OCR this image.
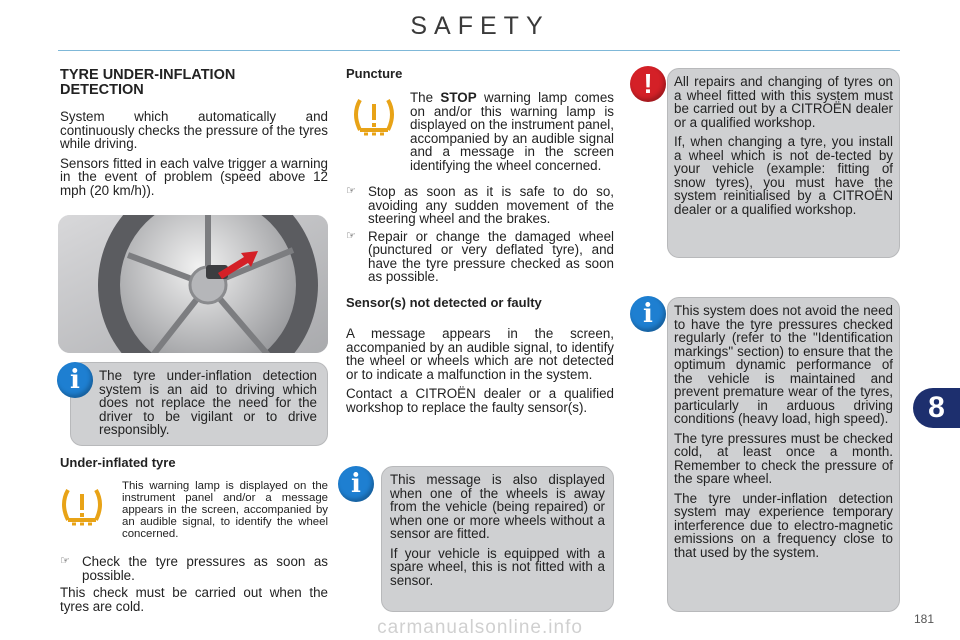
SAFETY
TYRE UNDER-INFLATION
DETECTION

System which automatically and continuously checks the pressure of the tyres while driving.

Sensors fitted in each valve trigger a warning in the event of problem (speed above 12 mph (20 km/h)).

The tyre under-inflation detection system is an aid to driving which does not replace the need for the driver to be vigilant or to drive responsibly.

i
Under-inflated tyre

This warning lamp is displayed on the instrument panel and/or a message appears in the screen, accompanied by an audible signal, to identify the wheel concerned.

☞ Check the tyre pressures as soon as possible.

This check must be carried out when the tyres are cold.

Puncture

The STOP warning lamp comes on and/or this warning lamp is displayed on the instrument panel, accompanied by an audible signal and a message in the screen identifying the wheel concerned.

☞ Stop as soon as it is safe to do so, avoiding any sudden movement of the steering wheel and the brakes.

☞ Repair or change the damaged wheel (punctured or very deflated tyre), and have the tyre pressure checked as soon as possible.

Sensor(s) not detected or faulty

A message appears in the screen, accompanied by an audible signal, to identify the wheel or wheels which are not detected or to indicate a malfunction in the system.

Contact a CITROËN dealer or a qualified workshop to replace the faulty sensor(s).

This message is also displayed when one of the wheels is away from the vehicle (being repaired) or when one or more wheels without a sensor are fitted.

If your vehicle is equipped with a spare wheel, this is not fitted with a sensor.

i

All repairs and changing of tyres on a wheel fitted with this system must be carried out by a CITROËN dealer or a qualified workshop.

If, when changing a tyre, you install a wheel which is not de-tected by your vehicle (example: fitting of snow tyres), you must have the system reinitialised by a CITROËN dealer or a qualified workshop.

!

This system does not avoid the need to have the tyre pressures checked regularly (refer to the "Identification markings" section) to ensure that the optimum dynamic performance of the vehicle is maintained and prevent premature wear of the tyres, particularly in arduous driving conditions (heavy load, high speed).

The tyre pressures must be checked cold, at least once a month. Remember to check the pressure of the spare wheel.

The tyre under-inflation detection system may experience temporary interference due to electro-magnetic emissions on a frequency close to that used by the system.

i
8
181
carmanualsonline.info
